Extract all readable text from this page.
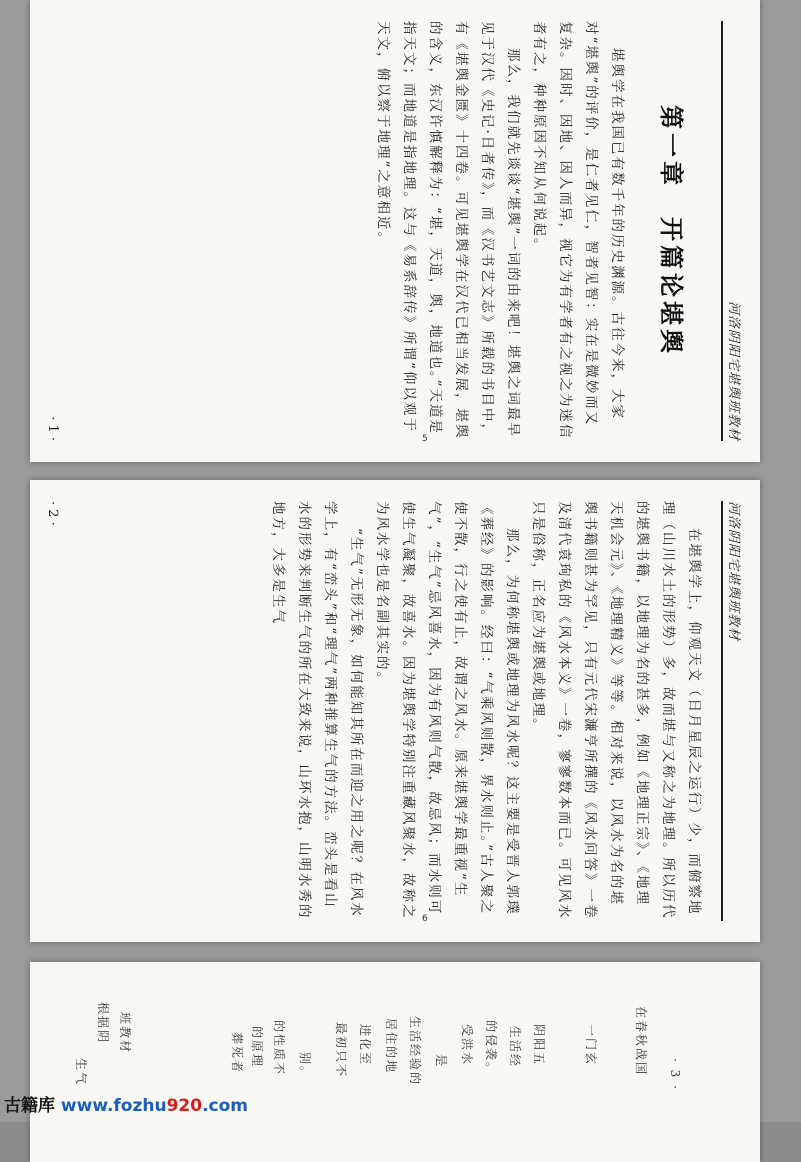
河洛阴阳宅堪舆班教材
第一章　开篇论堪舆

堪舆学在我国已有数千年的历史渊源。古往今来，大家对“堪舆”的评价，是仁者见仁，智者见智：实在是微妙而又复杂。因时、因地、因人而异，视它为有学者有之视之为迷信者有之，种种原因不知从何说起。

那么，我们就先谈谈“堪舆”一词的由来吧！堪舆之词最早见于汉代《史记·日者传》，而《汉书艺文志》所载的书目中，有《堪舆金匮》十四卷。可见堪舆学在汉代已相当发展，堪舆的含义，东汉许慎解释为：“堪，天道，舆，地道也。”天道是指天文；而地道是指地理。这与《易系辞传》所谓“仰以观于天文，俯以察于地理”之意相近。

· 1 ·	5
河洛阴阳宅堪舆班教材

在堪舆学上，仰观天文（日月星辰之运行）少，而俯察地理（山川水土的形势）多，故而堪与又称之为地理。所以历代的堪舆书籍，以地理为名的甚多，例如《地理正宗》、《地理天机会元》、《地理精义》等等。相对来说，以风水为名的堪舆书籍则甚为罕见，只有元代宋濂亨所撰的《风水问答》一卷及清代袁珣私的《风水本义》一卷，寥寥数本而已。可见风水只是俗称，正名应为堪舆或地理。

那么，为何称堪舆或地理为风水呢？这主要是受晋人郭璞《葬经》的影响。经曰：“气乘风则散，界水则止。”古人聚之使不散，行之使有止，故谓之风水。原来堪舆学最重视“生气”，“生气”忌风喜水，因为有风则气散，故忌风；而水则可使生气凝聚，故喜水。因为堪舆学特别注重藏风聚水，故称之为风水学也是名副其实的。

“生气”无形无象，如何能知其所在而迎之用之呢？在风水学上，有“峦头”和“理气”两种推算生气的方法。峦头是看山水的形势来判断生气的所在大致来说，山环水抱，山明水秀的地方，大多是生气

· 2 ·
6
班教材
根据阴
生气	葬死者 的原理 的性质不 别。 最初只不 进化至 居住的地 生活经验的 是 受洪水 的侵袭。 生活经 阴阳五	一门玄	在春秋战国 · 3 ·
古籍库 www.fozhu920.com
